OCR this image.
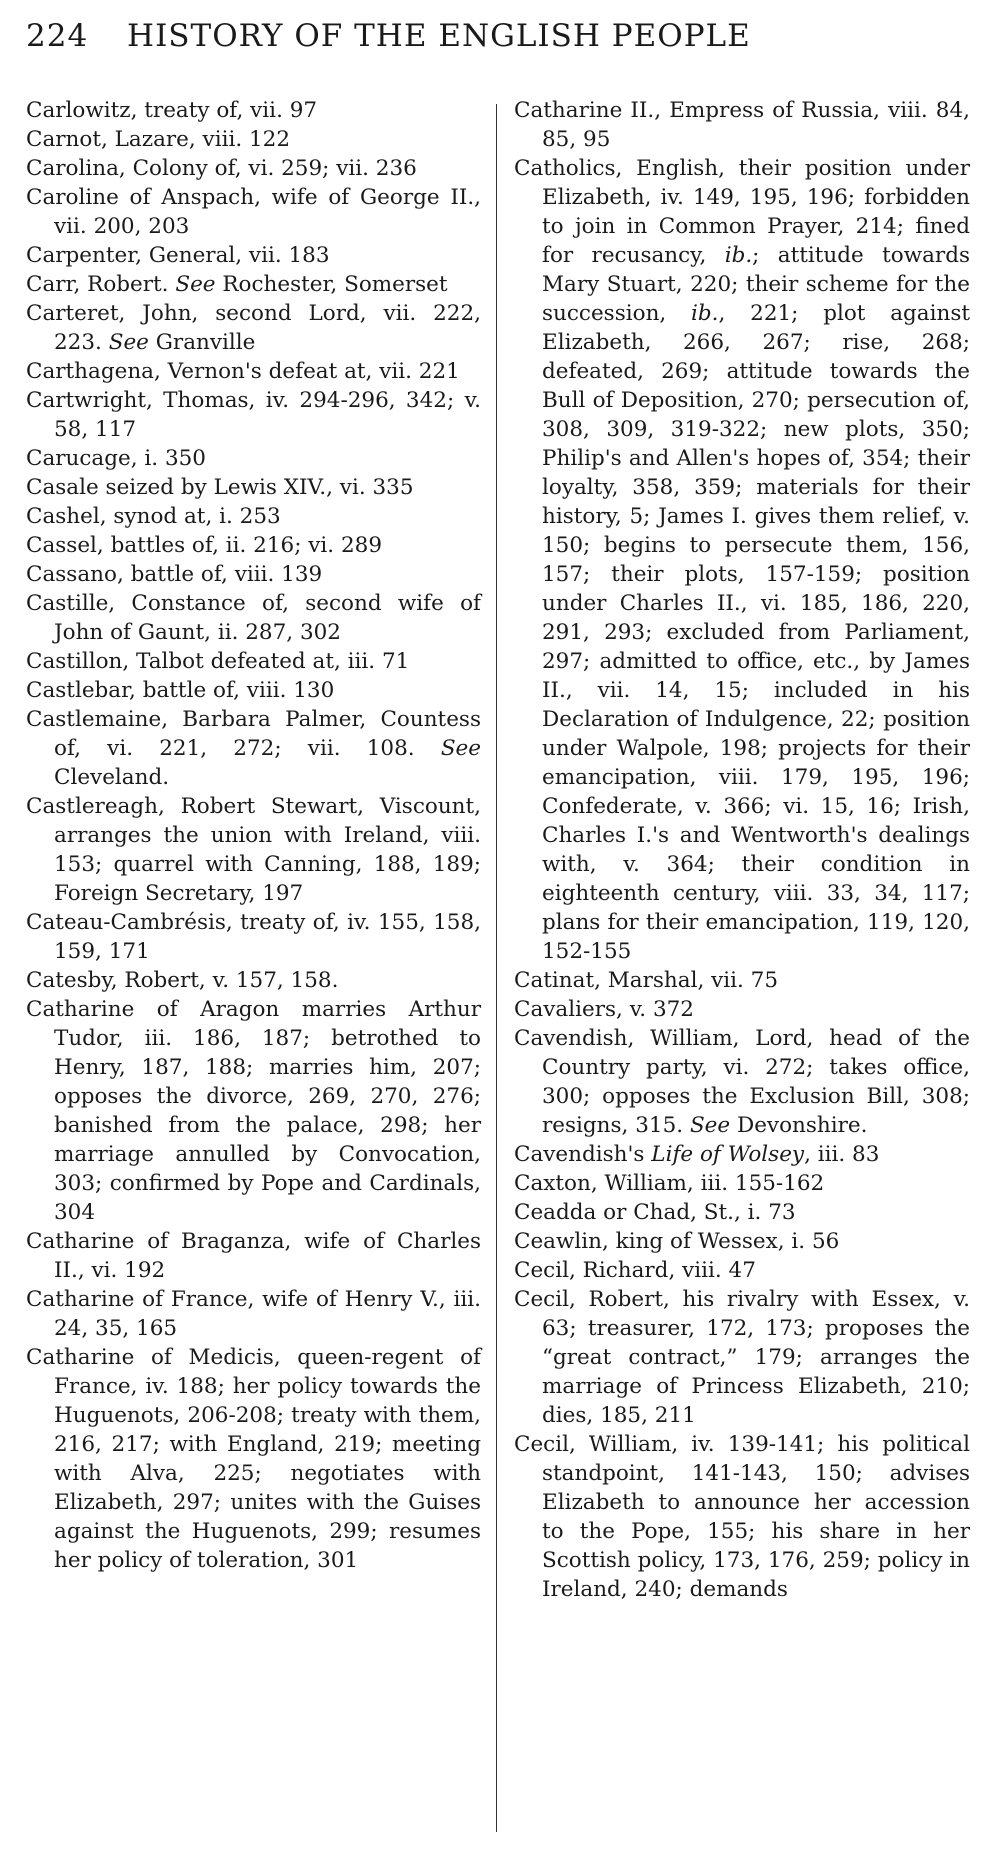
224 HISTORY OF THE ENGLISH PEOPLE
Carlowitz, treaty of, vii. 97
Carnot, Lazare, viii. 122
Carolina, Colony of, vi. 259; vii. 236
Caroline of Anspach, wife of George II., vii. 200, 203
Carpenter, General, vii. 183
Carr, Robert. See Rochester, Somerset
Carteret, John, second Lord, vii. 222, 223. See Granville
Carthagena, Vernon's defeat at, vii. 221
Cartwright, Thomas, iv. 294-296, 342; v. 58, 117
Carucage, i. 350
Casale seized by Lewis XIV., vi. 335
Cashel, synod at, i. 253
Cassel, battles of, ii. 216; vi. 289
Cassano, battle of, viii. 139
Castille, Constance of, second wife of John of Gaunt, ii. 287, 302
Castillon, Talbot defeated at, iii. 71
Castlebar, battle of, viii. 130
Castlemaine, Barbara Palmer, Countess of, vi. 221, 272; vii. 108. See Cleveland.
Castlereagh, Robert Stewart, Viscount, arranges the union with Ireland, viii. 153; quarrel with Canning, 188, 189; Foreign Secretary, 197
Cateau-Cambrésis, treaty of, iv. 155, 158, 159, 171
Catesby, Robert, v. 157, 158.
Catharine of Aragon marries Arthur Tudor, iii. 186, 187; betrothed to Henry, 187, 188; marries him, 207; opposes the divorce, 269, 270, 276; banished from the palace, 298; her marriage annulled by Convocation, 303; confirmed by Pope and Cardinals, 304
Catharine of Braganza, wife of Charles II., vi. 192
Catharine of France, wife of Henry V., iii. 24, 35, 165
Catharine of Medicis, queen-regent of France, iv. 188; her policy towards the Huguenots, 206-208; treaty with them, 216, 217; with England, 219; meeting with Alva, 225; negotiates with Elizabeth, 297; unites with the Guises against the Huguenots, 299; resumes her policy of toleration, 301
Catharine II., Empress of Russia, viii. 84, 85, 95
Catholics, English, their position under Elizabeth, iv. 149, 195, 196; forbidden to join in Common Prayer, 214; fined for recusancy, ib.; attitude towards Mary Stuart, 220; their scheme for the succession, ib., 221; plot against Elizabeth, 266, 267; rise, 268; defeated, 269; attitude towards the Bull of Deposition, 270; persecution of, 308, 309, 319-322; new plots, 350; Philip's and Allen's hopes of, 354; their loyalty, 358, 359; materials for their history, 5; James I. gives them relief, v. 150; begins to persecute them, 156, 157; their plots, 157-159; position under Charles II., vi. 185, 186, 220, 291, 293; excluded from Parliament, 297; admitted to office, etc., by James II., vii. 14, 15; included in his Declaration of Indulgence, 22; position under Walpole, 198; projects for their emancipation, viii. 179, 195, 196; Confederate, v. 366; vi. 15, 16; Irish, Charles I.'s and Wentworth's dealings with, v. 364; their condition in eighteenth century, viii. 33, 34, 117; plans for their emancipation, 119, 120, 152-155
Catinat, Marshal, vii. 75
Cavaliers, v. 372
Cavendish, William, Lord, head of the Country party, vi. 272; takes office, 300; opposes the Exclusion Bill, 308; resigns, 315. See Devonshire.
Cavendish's Life of Wolsey, iii. 83
Caxton, William, iii. 155-162
Ceadda or Chad, St., i. 73
Ceawlin, king of Wessex, i. 56
Cecil, Richard, viii. 47
Cecil, Robert, his rivalry with Essex, v. 63; treasurer, 172, 173; proposes the “great contract,” 179; arranges the marriage of Princess Elizabeth, 210; dies, 185, 211
Cecil, William, iv. 139-141; his political standpoint, 141-143, 150; advises Elizabeth to announce her accession to the Pope, 155; his share in her Scottish policy, 173, 176, 259; policy in Ireland, 240; demands
